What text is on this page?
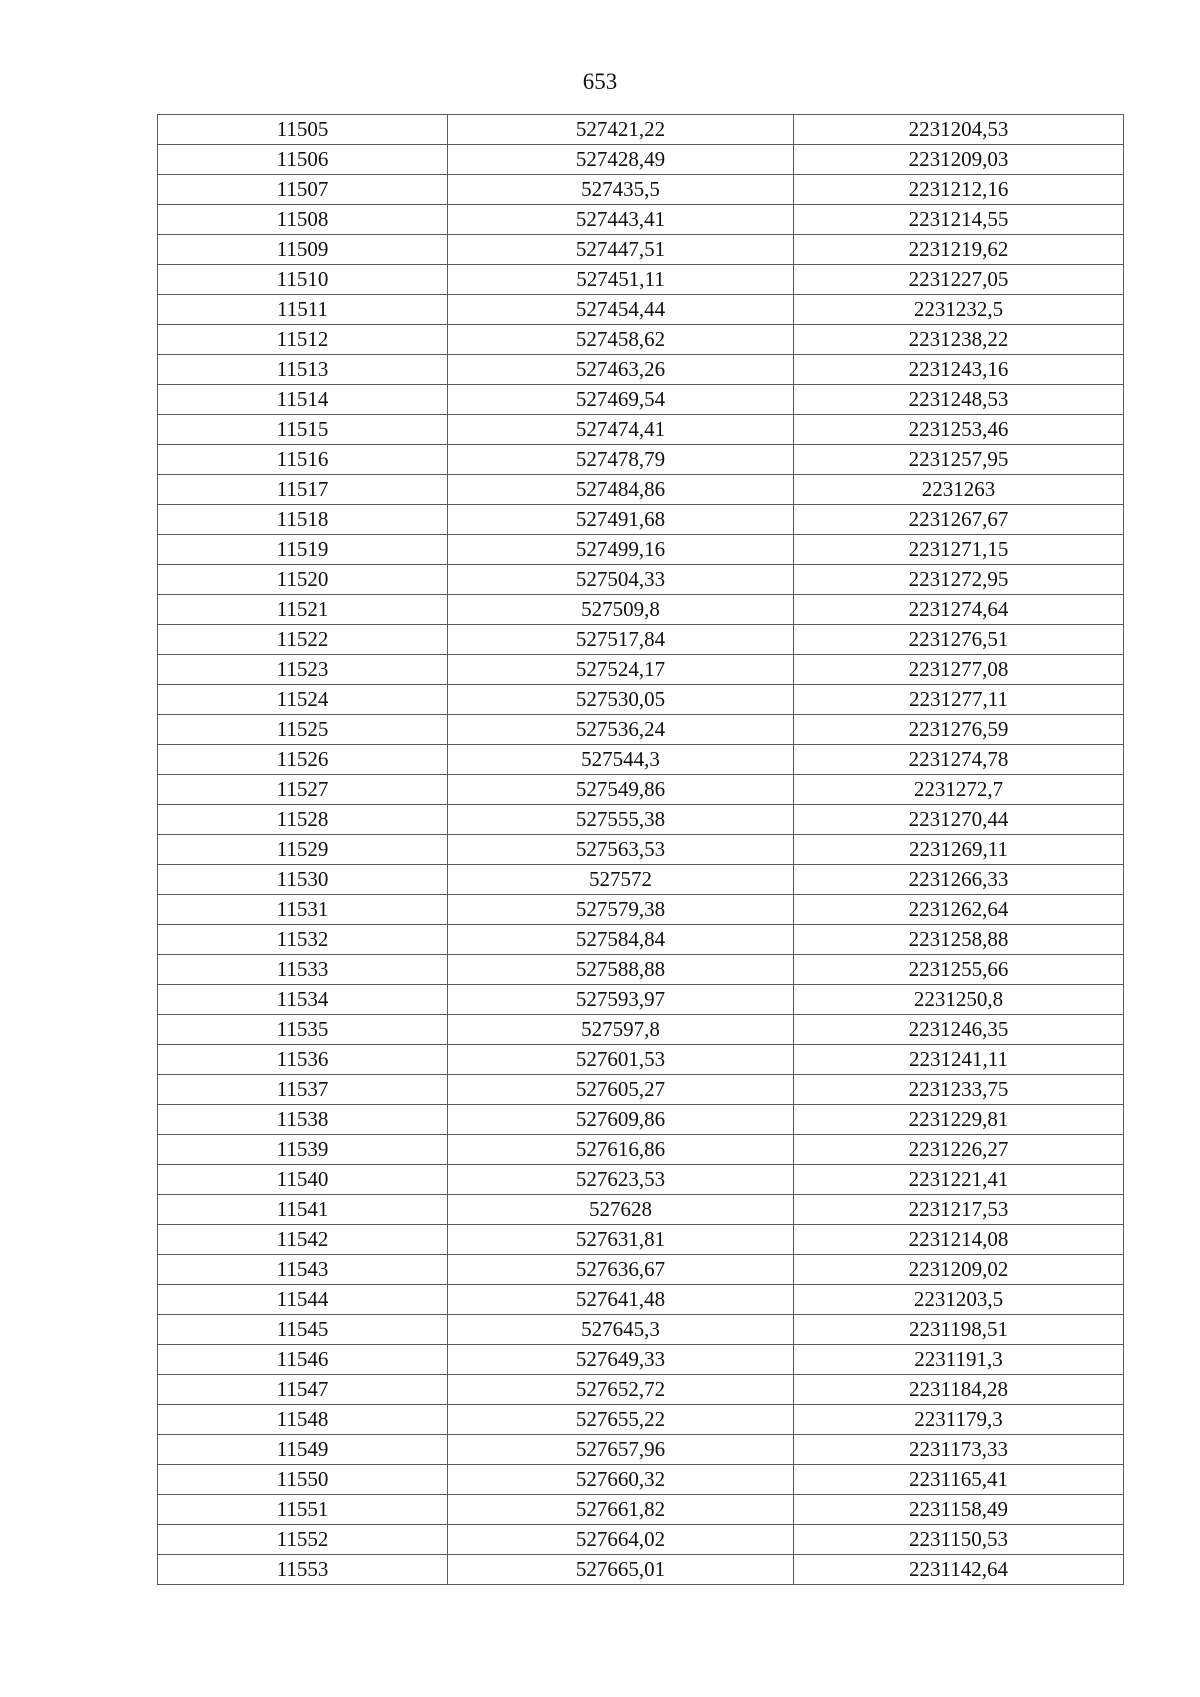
653
11505	527421,22	2231204,53
11506	527428,49	2231209,03
11507	527435,5	2231212,16
11508	527443,41	2231214,55
11509	527447,51	2231219,62
11510	527451,11	2231227,05
11511	527454,44	2231232,5
11512	527458,62	2231238,22
11513	527463,26	2231243,16
11514	527469,54	2231248,53
11515	527474,41	2231253,46
11516	527478,79	2231257,95
11517	527484,86	2231263
11518	527491,68	2231267,67
11519	527499,16	2231271,15
11520	527504,33	2231272,95
11521	527509,8	2231274,64
11522	527517,84	2231276,51
11523	527524,17	2231277,08
11524	527530,05	2231277,11
11525	527536,24	2231276,59
11526	527544,3	2231274,78
11527	527549,86	2231272,7
11528	527555,38	2231270,44
11529	527563,53	2231269,11
11530	527572	2231266,33
11531	527579,38	2231262,64
11532	527584,84	2231258,88
11533	527588,88	2231255,66
11534	527593,97	2231250,8
11535	527597,8	2231246,35
11536	527601,53	2231241,11
11537	527605,27	2231233,75
11538	527609,86	2231229,81
11539	527616,86	2231226,27
11540	527623,53	2231221,41
11541	527628	2231217,53
11542	527631,81	2231214,08
11543	527636,67	2231209,02
11544	527641,48	2231203,5
11545	527645,3	2231198,51
11546	527649,33	2231191,3
11547	527652,72	2231184,28
11548	527655,22	2231179,3
11549	527657,96	2231173,33
11550	527660,32	2231165,41
11551	527661,82	2231158,49
11552	527664,02	2231150,53
11553	527665,01	2231142,64
